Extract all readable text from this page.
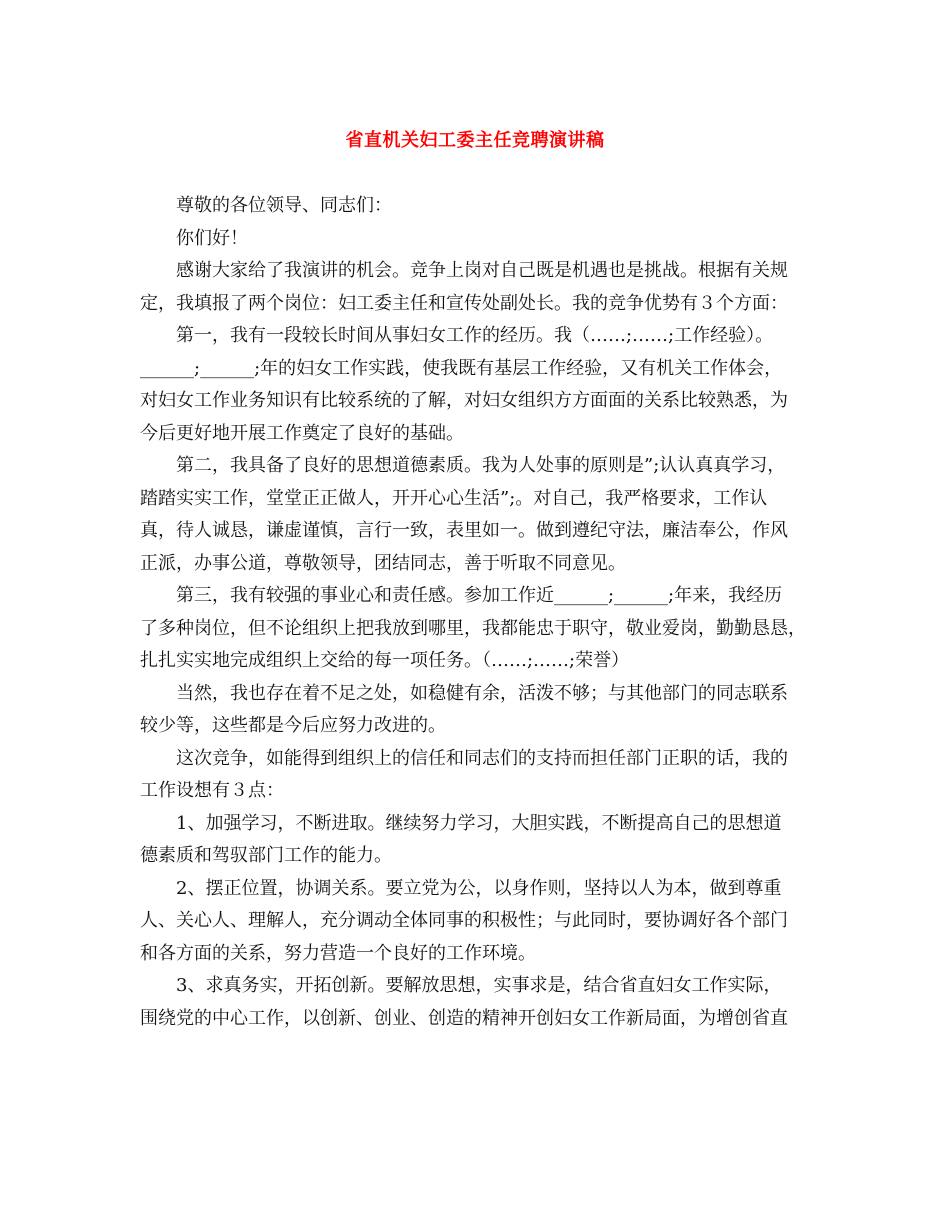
省直机关妇工委主任竞聘演讲稿
尊敬的各位领导、同志们：
你们好！
感谢大家给了我演讲的机会。竞争上岗对自己既是机遇也是挑战。根据有关规
定，我填报了两个岗位：妇工委主任和宣传处副处长。我的竞争优势有３个方面：
第一，我有一段较长时间从事妇女工作的经历。我（……;……;工作经验）。
______;______;年的妇女工作实践，使我既有基层工作经验，又有机关工作体会，
对妇女工作业务知识有比较系统的了解，对妇女组织方方面面的关系比较熟悉，为
今后更好地开展工作奠定了良好的基础。
第二，我具备了良好的思想道德素质。我为人处事的原则是”;认认真真学习，
踏踏实实工作，堂堂正正做人，开开心心生活”;。对自己，我严格要求，工作认
真，待人诚恳，谦虚谨慎，言行一致，表里如一。做到遵纪守法，廉洁奉公，作风
正派，办事公道，尊敬领导，团结同志，善于听取不同意见。
第三，我有较强的事业心和责任感。参加工作近______;______;年来，我经历
了多种岗位，但不论组织上把我放到哪里，我都能忠于职守，敬业爱岗，勤勤恳恳，
扎扎实实地完成组织上交给的每一项任务。（……;……;荣誉）
当然，我也存在着不足之处，如稳健有余，活泼不够；与其他部门的同志联系
较少等，这些都是今后应努力改进的。
这次竞争，如能得到组织上的信任和同志们的支持而担任部门正职的话，我的
工作设想有３点：
1、加强学习，不断进取。继续努力学习，大胆实践，不断提高自己的思想道
德素质和驾驭部门工作的能力。
2、摆正位置，协调关系。要立党为公，以身作则，坚持以人为本，做到尊重
人、关心人、理解人，充分调动全体同事的积极性；与此同时，要协调好各个部门
和各方面的关系，努力营造一个良好的工作环境。
3、求真务实，开拓创新。要解放思想，实事求是，结合省直妇女工作实际，
围绕党的中心工作，以创新、创业、创造的精神开创妇女工作新局面，为增创省直
